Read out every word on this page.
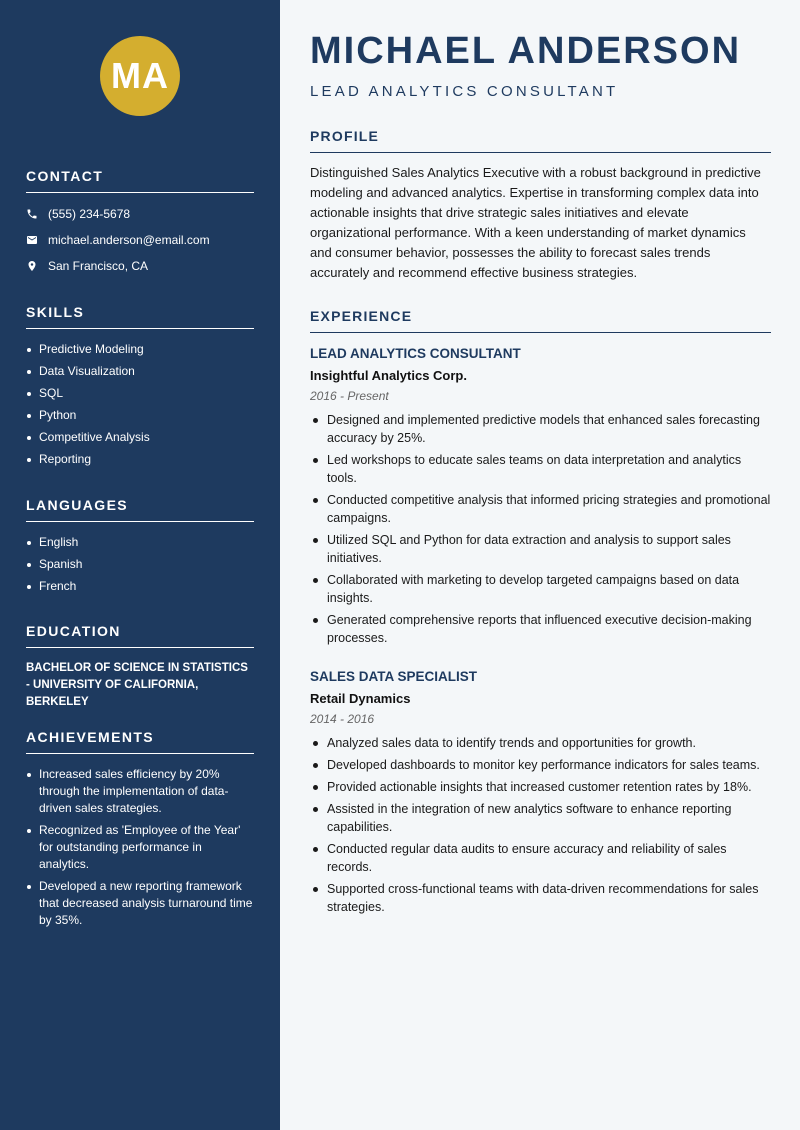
MA
CONTACT
(555) 234-5678
michael.anderson@email.com
San Francisco, CA
SKILLS
Predictive Modeling
Data Visualization
SQL
Python
Competitive Analysis
Reporting
LANGUAGES
English
Spanish
French
EDUCATION
BACHELOR OF SCIENCE IN STATISTICS - UNIVERSITY OF CALIFORNIA, BERKELEY
ACHIEVEMENTS
Increased sales efficiency by 20% through the implementation of data-driven sales strategies.
Recognized as 'Employee of the Year' for outstanding performance in analytics.
Developed a new reporting framework that decreased analysis turnaround time by 35%.
MICHAEL ANDERSON
LEAD ANALYTICS CONSULTANT
PROFILE
Distinguished Sales Analytics Executive with a robust background in predictive modeling and advanced analytics. Expertise in transforming complex data into actionable insights that drive strategic sales initiatives and elevate organizational performance. With a keen understanding of market dynamics and consumer behavior, possesses the ability to forecast sales trends accurately and recommend effective business strategies.
EXPERIENCE
LEAD ANALYTICS CONSULTANT
Insightful Analytics Corp.
2016 - Present
Designed and implemented predictive models that enhanced sales forecasting accuracy by 25%.
Led workshops to educate sales teams on data interpretation and analytics tools.
Conducted competitive analysis that informed pricing strategies and promotional campaigns.
Utilized SQL and Python for data extraction and analysis to support sales initiatives.
Collaborated with marketing to develop targeted campaigns based on data insights.
Generated comprehensive reports that influenced executive decision-making processes.
SALES DATA SPECIALIST
Retail Dynamics
2014 - 2016
Analyzed sales data to identify trends and opportunities for growth.
Developed dashboards to monitor key performance indicators for sales teams.
Provided actionable insights that increased customer retention rates by 18%.
Assisted in the integration of new analytics software to enhance reporting capabilities.
Conducted regular data audits to ensure accuracy and reliability of sales records.
Supported cross-functional teams with data-driven recommendations for sales strategies.
